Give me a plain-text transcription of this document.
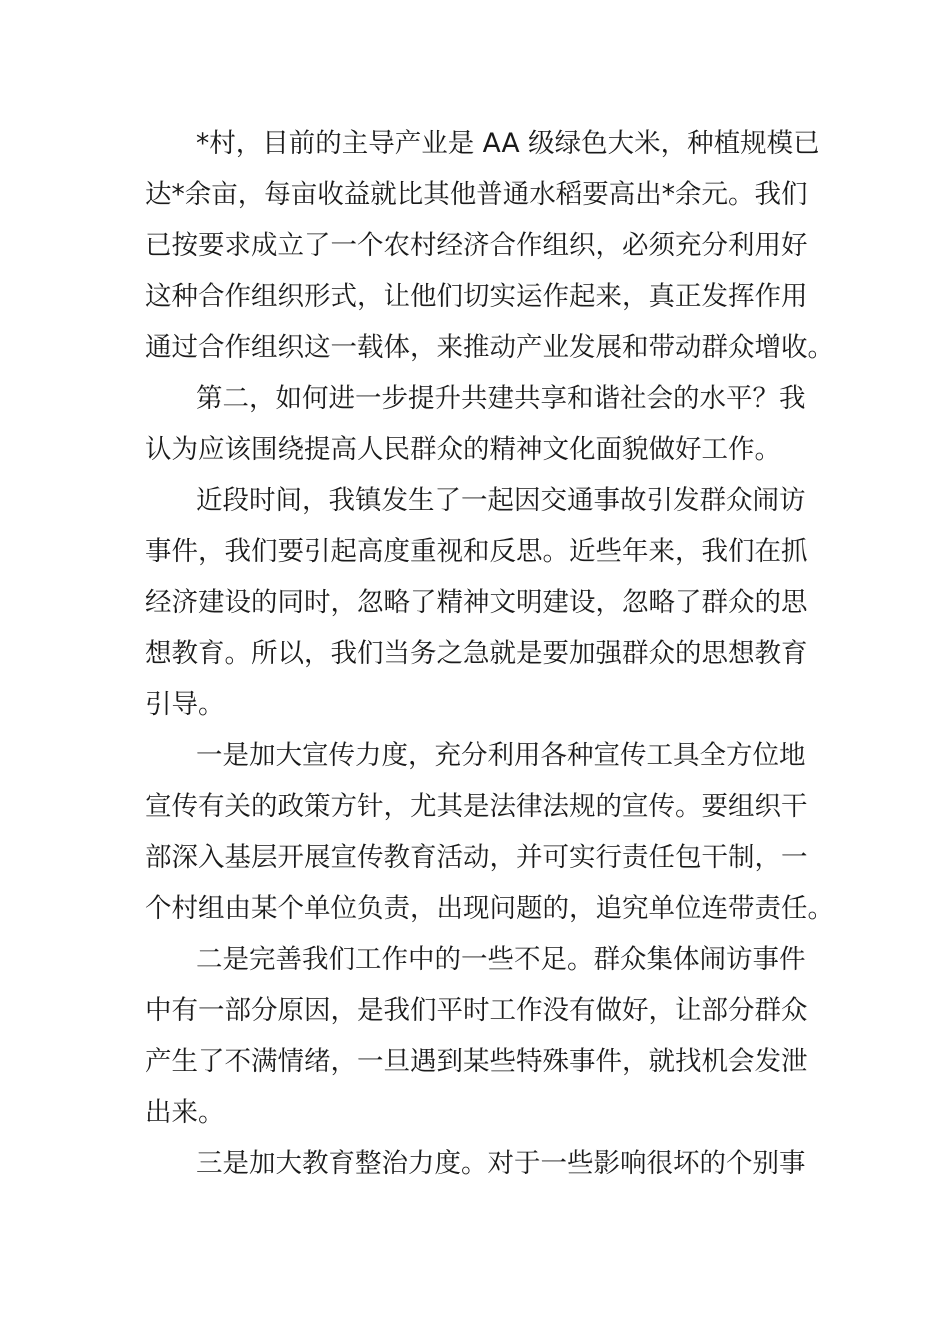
*村，目前的主导产业是 AA 级绿色大米，种植规模已
达*余亩，每亩收益就比其他普通水稻要高出*余元。我们
已按要求成立了一个农村经济合作组织，必须充分利用好
这种合作组织形式，让他们切实运作起来，真正发挥作用
通过合作组织这一载体，来推动产业发展和带动群众增收。
第二，如何进一步提升共建共享和谐社会的水平？我
认为应该围绕提高人民群众的精神文化面貌做好工作。
近段时间，我镇发生了一起因交通事故引发群众闹访
事件，我们要引起高度重视和反思。近些年来，我们在抓
经济建设的同时，忽略了精神文明建设，忽略了群众的思
想教育。所以，我们当务之急就是要加强群众的思想教育
引导。
一是加大宣传力度，充分利用各种宣传工具全方位地
宣传有关的政策方针，尤其是法律法规的宣传。要组织干
部深入基层开展宣传教育活动，并可实行责任包干制，一
个村组由某个单位负责，出现问题的，追究单位连带责任。
二是完善我们工作中的一些不足。群众集体闹访事件
中有一部分原因，是我们平时工作没有做好，让部分群众
产生了不满情绪，一旦遇到某些特殊事件，就找机会发泄
出来。
三是加大教育整治力度。对于一些影响很坏的个别事
